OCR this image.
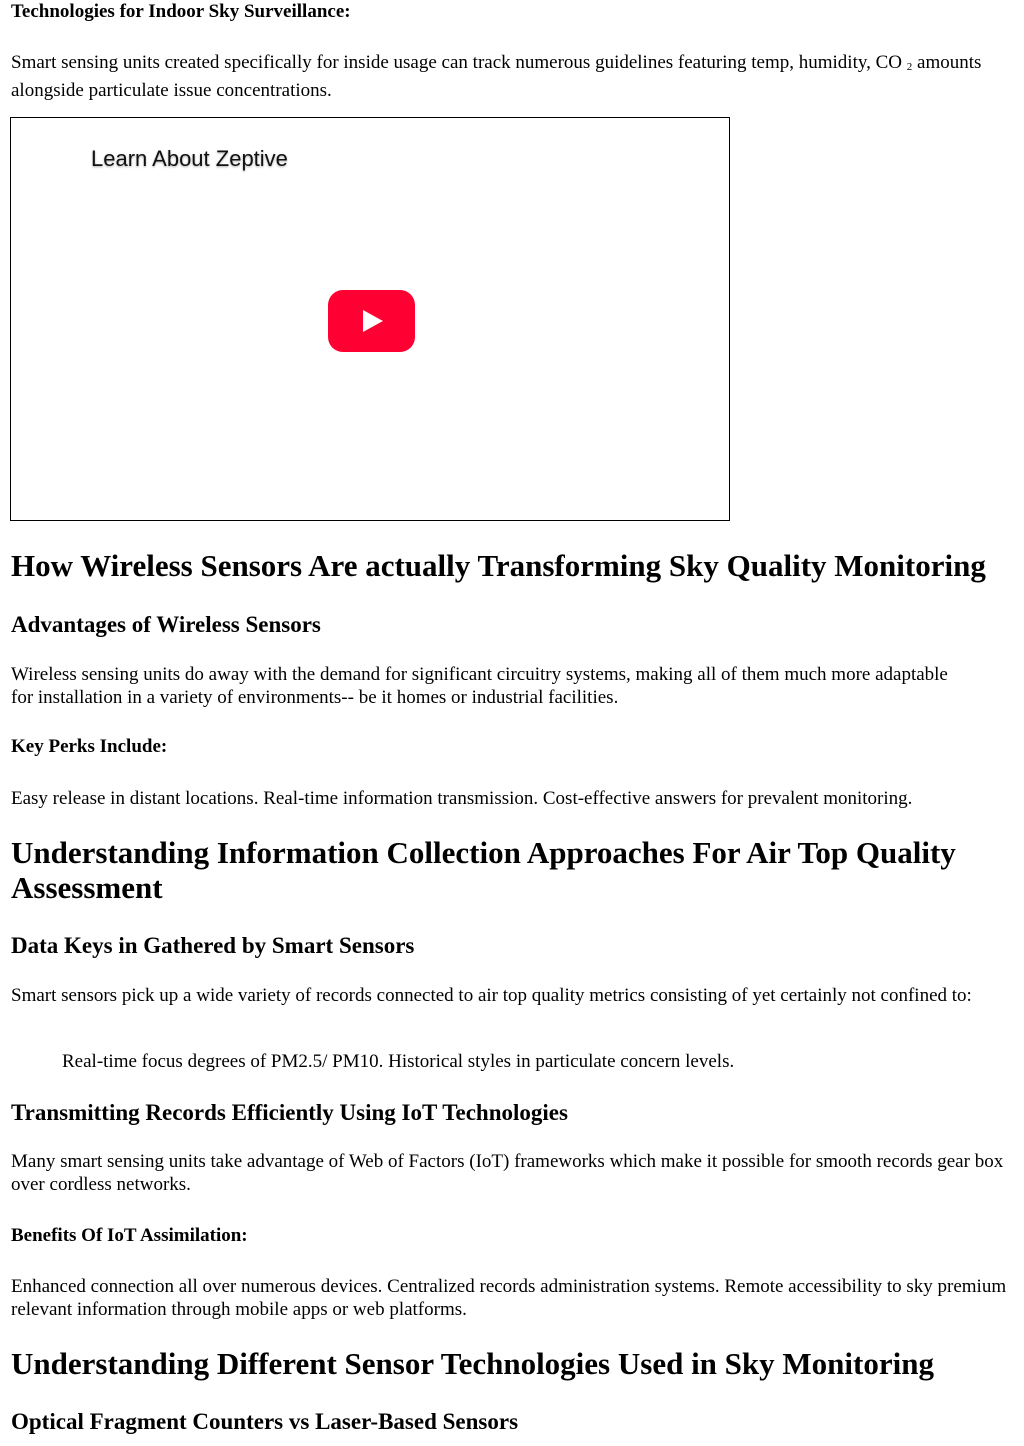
Technologies for Indoor Sky Surveillance:
Smart sensing units created specifically for inside usage can track numerous guidelines featuring temp, humidity, CO $_2$ amounts alongside particulate issue concentrations.
How Wireless Sensors Are actually Transforming Sky Quality Monitoring
Advantages of Wireless Sensors
Wireless sensing units do away with the demand for significant circuitry systems, making all of them much more adaptable for installation in a variety of environments-- be it homes or industrial facilities.
Key Perks Include:
Easy release in distant locations. Real-time information transmission. Cost-effective answers for prevalent monitoring.
Understanding Information Collection Approaches For Air Top Quality Assessment
Data Keys in Gathered by Smart Sensors
Smart sensors pick up a wide variety of records connected to air top quality metrics consisting of yet certainly not confined to:
Real-time focus degrees of PM2.5/ PM10. Historical styles in particulate concern levels.
Transmitting Records Efficiently Using IoT Technologies
Many smart sensing units take advantage of Web of Factors (IoT) frameworks which make it possible for smooth records gear box over cordless networks.
Benefits Of IoT Assimilation:
Enhanced connection all over numerous devices. Centralized records administration systems. Remote accessibility to sky premium relevant information through mobile apps or web platforms.
Understanding Different Sensor Technologies Used in Sky Monitoring
Optical Fragment Counters vs Laser-Based Sensors
Learn About Zeptive
